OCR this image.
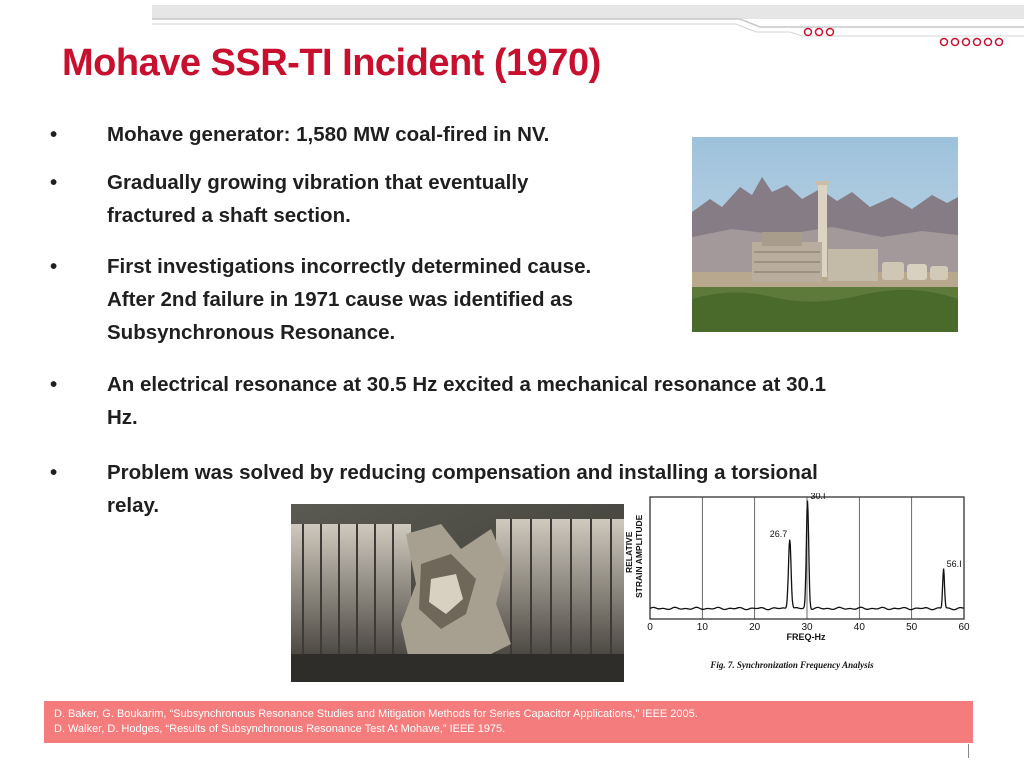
Mohave SSR-TI Incident (1970)
• Mohave generator: 1,580 MW coal-fired in NV.
• Gradually growing vibration that eventually
fractured a shaft section.
• First investigations incorrectly determined cause.
After 2nd failure in 1971 cause was identified as
Subsynchronous Resonance.
• An electrical resonance at 30.5 Hz excited a mechanical resonance at 30.1
Hz.
• Problem was solved by reducing compensation and installing a torsional
relay.
26.7
30.I
56.I
0	10	20	30	40	50	60
RELATIVE STRAIN AMPLITUDE
FREQ-Hz
Fig. 7. Synchronization Frequency Analysis
D. Baker, G. Boukarim, “Subsynchronous Resonance Studies and Mitigation Methods for Series Capacitor Applications,” IEEE 2005.
D. Walker, D. Hodges, “Results of Subsynchronous Resonance Test At Mohave,” IEEE 1975.
